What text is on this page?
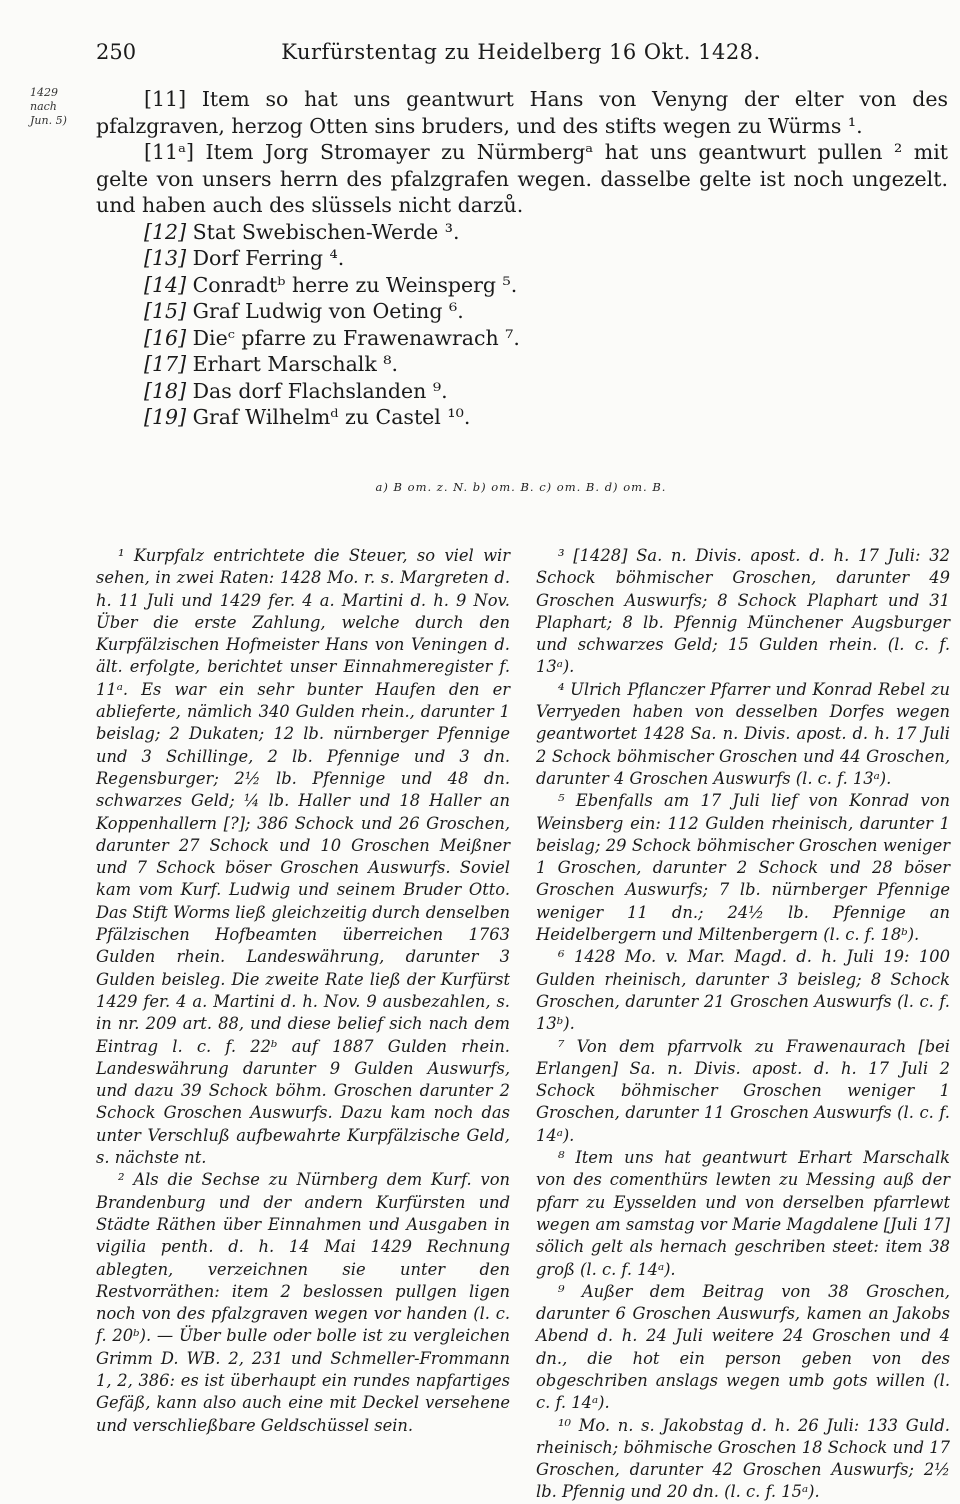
250	Kurfürstentag zu Heidelberg 16 Okt. 1428.
1429
nach
Jun. 5)

[11] Item so hat uns geantwurt Hans von Venyng der elter von des pfalzgraven, herzog Otten sins bruders, und des stifts wegen zu Würms ¹.

[11ᵃ] Item Jorg Stromayer zu Nürmbergᵃ hat uns geantwurt pullen ² mit gelte von unsers herrn des pfalzgrafen wegen. dasselbe gelte ist noch ungezelt. und haben auch des slüssels nicht darzů.

[12] Stat Swebischen-Werde ³.

[13] Dorf Ferring ⁴.

[14] Conradtᵇ herre zu Weinsperg ⁵.

[15] Graf Ludwig von Oeting ⁶.

[16] Dieᶜ pfarre zu Frawenawrach ⁷.

[17] Erhart Marschalk ⁸.

[18] Das dorf Flachslanden ⁹.

[19] Graf Wilhelmᵈ zu Castel ¹⁰.

a) B om. z. N. b) om. B. c) om. B. d) om. B.

¹ Kurpfalz entrichtete die Steuer, so viel wir sehen, in zwei Raten: 1428 Mo. r. s. Margreten d. h. 11 Juli und 1429 fer. 4 a. Martini d. h. 9 Nov. Über die erste Zahlung, welche durch den Kurpfälzischen Hofmeister Hans von Veningen d. ält. erfolgte, berichtet unser Einnahmeregister f. 11ᵃ. Es war ein sehr bunter Haufen den er ablieferte, nämlich 340 Gulden rhein., darunter 1 beislag; 2 Dukaten; 12 lb. nürnberger Pfennige und 3 Schillinge, 2 lb. Pfennige und 3 dn. Regensburger; 2½ lb. Pfennige und 48 dn. schwarzes Geld; ¼ lb. Haller und 18 Haller an Koppenhallern [?]; 386 Schock und 26 Groschen, darunter 27 Schock und 10 Groschen Meißner und 7 Schock böser Groschen Auswurfs. Soviel kam vom Kurf. Ludwig und seinem Bruder Otto. Das Stift Worms ließ gleichzeitig durch denselben Pfälzischen Hofbeamten überreichen 1763 Gulden rhein. Landeswährung, darunter 3 Gulden beisleg. Die zweite Rate ließ der Kurfürst 1429 fer. 4 a. Martini d. h. Nov. 9 ausbezahlen, s. in nr. 209 art. 88, und diese belief sich nach dem Eintrag l. c. f. 22ᵇ auf 1887 Gulden rhein. Landeswährung darunter 9 Gulden Auswurfs, und dazu 39 Schock böhm. Groschen darunter 2 Schock Groschen Auswurfs. Dazu kam noch das unter Verschluß aufbewahrte Kurpfälzische Geld, s. nächste nt.

² Als die Sechse zu Nürnberg dem Kurf. von Brandenburg und der andern Kurfürsten und Städte Räthen über Einnahmen und Ausgaben in vigilia penth. d. h. 14 Mai 1429 Rechnung ablegten, verzeichnen sie unter den Restvorräthen: item 2 beslossen pullgen ligen noch von des pfalzgraven wegen vor handen (l. c. f. 20ᵇ). — Über bulle oder bolle ist zu vergleichen Grimm D. WB. 2, 231 und Schmeller-Frommann 1, 2, 386: es ist überhaupt ein rundes napfartiges Gefäß, kann also auch eine mit Deckel versehene und verschließbare Geldschüssel sein.

³ [1428] Sa. n. Divis. apost. d. h. 17 Juli: 32 Schock böhmischer Groschen, darunter 49 Groschen Auswurfs; 8 Schock Plaphart und 31 Plaphart; 8 lb. Pfennig Münchener Augsburger und schwarzes Geld; 15 Gulden rhein. (l. c. f. 13ᵃ).

⁴ Ulrich Pflanczer Pfarrer und Konrad Rebel zu Verryeden haben von desselben Dorfes wegen geantwortet 1428 Sa. n. Divis. apost. d. h. 17 Juli 2 Schock böhmischer Groschen und 44 Groschen, darunter 4 Groschen Auswurfs (l. c. f. 13ᵃ).

⁵ Ebenfalls am 17 Juli lief von Konrad von Weinsberg ein: 112 Gulden rheinisch, darunter 1 beislag; 29 Schock böhmischer Groschen weniger 1 Groschen, darunter 2 Schock und 28 böser Groschen Auswurfs; 7 lb. nürnberger Pfennige weniger 11 dn.; 24½ lb. Pfennige an Heidelbergern und Miltenbergern (l. c. f. 18ᵇ).

⁶ 1428 Mo. v. Mar. Magd. d. h. Juli 19: 100 Gulden rheinisch, darunter 3 beisleg; 8 Schock Groschen, darunter 21 Groschen Auswurfs (l. c. f. 13ᵇ).

⁷ Von dem pfarrvolk zu Frawenaurach [bei Erlangen] Sa. n. Divis. apost. d. h. 17 Juli 2 Schock böhmischer Groschen weniger 1 Groschen, darunter 11 Groschen Auswurfs (l. c. f. 14ᵃ).

⁸ Item uns hat geantwurt Erhart Marschalk von des comenthürs lewten zu Messing auß der pfarr zu Eysselden und von derselben pfarrlewt wegen am samstag vor Marie Magdalene [Juli 17] sölich gelt als hernach geschriben steet: item 38 groß (l. c. f. 14ᵃ).

⁹ Außer dem Beitrag von 38 Groschen, darunter 6 Groschen Auswurfs, kamen an Jakobs Abend d. h. 24 Juli weitere 24 Groschen und 4 dn., die hot ein person geben von des obgeschriben anslags wegen umb gots willen (l. c. f. 14ᵃ).

¹⁰ Mo. n. s. Jakobstag d. h. 26 Juli: 133 Guld. rheinisch; böhmische Groschen 18 Schock und 17 Groschen, darunter 42 Groschen Auswurfs; 2½ lb. Pfennig und 20 dn. (l. c. f. 15ᵃ).
